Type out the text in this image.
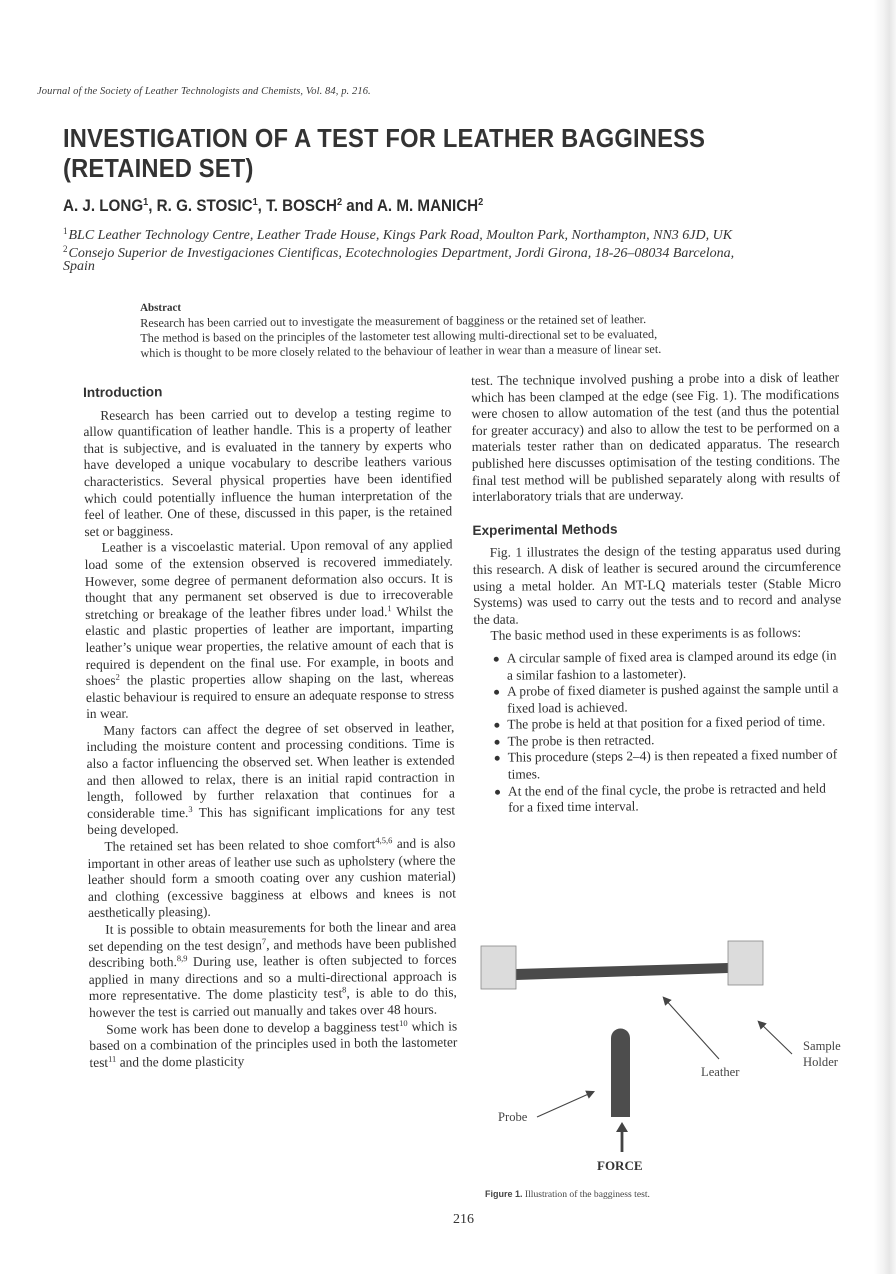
Journal of the Society of Leather Technologists and Chemists, Vol. 84, p. 216.
INVESTIGATION OF A TEST FOR LEATHER BAGGINESS
(RETAINED SET)
A. J. LONG$^1$, R. G. STOSIC$^1$, T. BOSCH$^2$ and A. M. MANICH$^2$
$^1$BLC Leather Technology Centre, Leather Trade House, Kings Park Road, Moulton Park, Northampton, NN3 6JD, UK
$^2$Consejo Superior de Investigaciones Cientificas, Ecotechnologies Department, Jordi Girona, 18-26–08034 Barcelona,
Spain
Abstract
Research has been carried out to investigate the measurement of bagginess or the retained set of leather.
The method is based on the principles of the lastometer test allowing multi-directional set to be evaluated,
which is thought to be more closely related to the behaviour of leather in wear than a measure of linear set.
Introduction

Research has been carried out to develop a testing regime to allow quantification of leather handle. This is a property of leather that is subjective, and is evaluated in the tannery by experts who have developed a unique vocabulary to describe leathers various characteristics. Several physical properties have been identified which could potentially influence the human interpretation of the feel of leather. One of these, discussed in this paper, is the retained set or bagginess.

Leather is a viscoelastic material. Upon removal of any applied load some of the extension observed is recovered immediately. However, some degree of permanent deformation also occurs. It is thought that any permanent set observed is due to irrecoverable stretching or breakage of the leather fibres under load.$^1$ Whilst the elastic and plastic properties of leather are important, imparting leather’s unique wear properties, the relative amount of each that is required is dependent on the final use. For example, in boots and shoes$^2$ the plastic properties allow shaping on the last, whereas elastic behaviour is required to ensure an adequate response to stress in wear.

Many factors can affect the degree of set observed in leather, including the moisture content and processing conditions. Time is also a factor influencing the observed set. When leather is extended and then allowed to relax, there is an initial rapid contraction in length, followed by further relaxation that continues for a considerable time.$^3$ This has significant implications for any test being developed.

The retained set has been related to shoe comfort$^{4,5,6}$ and is also important in other areas of leather use such as upholstery (where the leather should form a smooth coating over any cushion material) and clothing (excessive bagginess at elbows and knees is not aesthetically pleasing).

It is possible to obtain measurements for both the linear and area set depending on the test design$^7$, and methods have been published describing both.$^{8,9}$ During use, leather is often subjected to forces applied in many directions and so a multi-directional approach is more representative. The dome plasticity test$^8$, is able to do this, however the test is carried out manually and takes over 48 hours.

Some work has been done to develop a bagginess test$^{10}$ which is based on a combination of the principles used in both the lastometer test$^{11}$ and the dome plasticity

test. The technique involved pushing a probe into a disk of leather which has been clamped at the edge (see Fig. 1). The modifications were chosen to allow automation of the test (and thus the potential for greater accuracy) and also to allow the test to be performed on a materials tester rather than on dedicated apparatus. The research published here discusses optimisation of the testing conditions. The final test method will be published separately along with results of interlaboratory trials that are underway.

Experimental Methods

Fig. 1 illustrates the design of the testing apparatus used during this research. A disk of leather is secured around the circumference using a metal holder. An MT-LQ materials tester (Stable Micro Systems) was used to carry out the tests and to record and analyse the data.

The basic method used in these experiments is as follows:

A circular sample of fixed area is clamped around its edge (in a similar fashion to a lastometer).
A probe of fixed diameter is pushed against the sample until a fixed load is achieved.
The probe is held at that position for a fixed period of time.
The probe is then retracted.
This procedure (steps 2–4) is then repeated a fixed number of times.
At the end of the final cycle, the probe is retracted and held for a fixed time interval.
Sample
Holder
Leather
Probe
FORCE
Figure 1. Illustration of the bagginess test.
216
